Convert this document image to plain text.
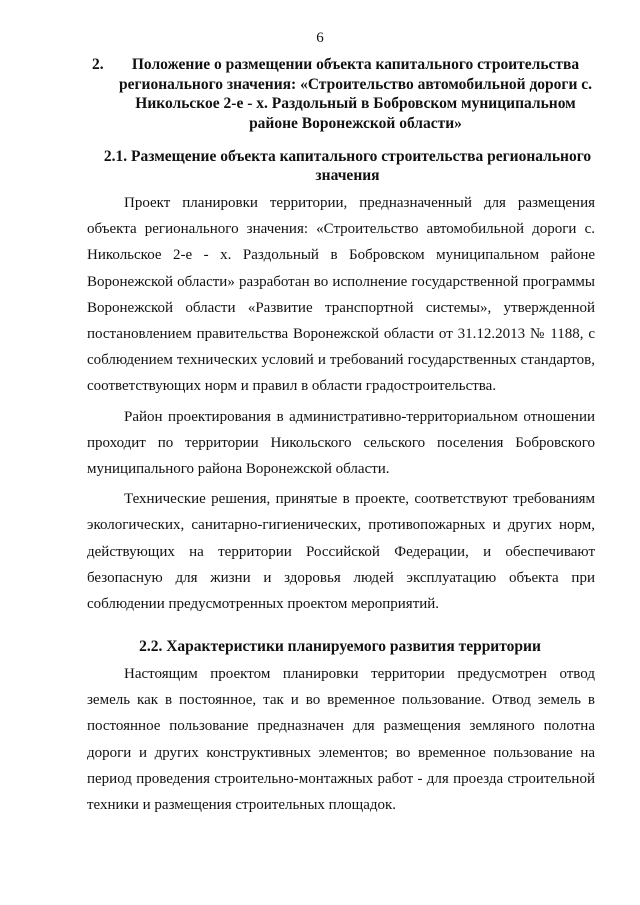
6
2.	Положение о размещении объекта капитального строительства регионального значения: «Строительство автомобильной дороги с. Никольское 2-е - х. Раздольный в Бобровском муниципальном районе Воронежской области»
2.1. Размещение объекта капитального строительства регионального значения

Проект планировки территории, предназначенный для размещения объекта регионального значения: «Строительство автомобильной дороги с. Никольское 2-е - х. Раздольный в Бобровском муниципальном районе Воронежской области» разработан во исполнение государственной программы Воронежской области «Развитие транспортной системы», утвержденной постановлением правительства Воронежской области от 31.12.2013 № 1188, с соблюдением технических условий и требований государственных стандартов, соответствующих норм и правил в области градостроительства.

Район проектирования в административно-территориальном отношении проходит по территории Никольского сельского поселения Бобровского муниципального района Воронежской области.

Технические решения, принятые в проекте, соответствуют требованиям экологических, санитарно-гигиенических, противопожарных и других норм, действующих на территории Российской Федерации, и обеспечивают безопасную для жизни и здоровья людей эксплуатацию объекта при соблюдении предусмотренных проектом мероприятий.

2.2. Характеристики планируемого развития территории

Настоящим проектом планировки территории предусмотрен отвод земель как в постоянное, так и во временное пользование. Отвод земель в постоянное пользование предназначен для размещения земляного полотна дороги и других конструктивных элементов; во временное пользование на период проведения строительно-монтажных работ - для проезда строительной техники и размещения строительных площадок.
